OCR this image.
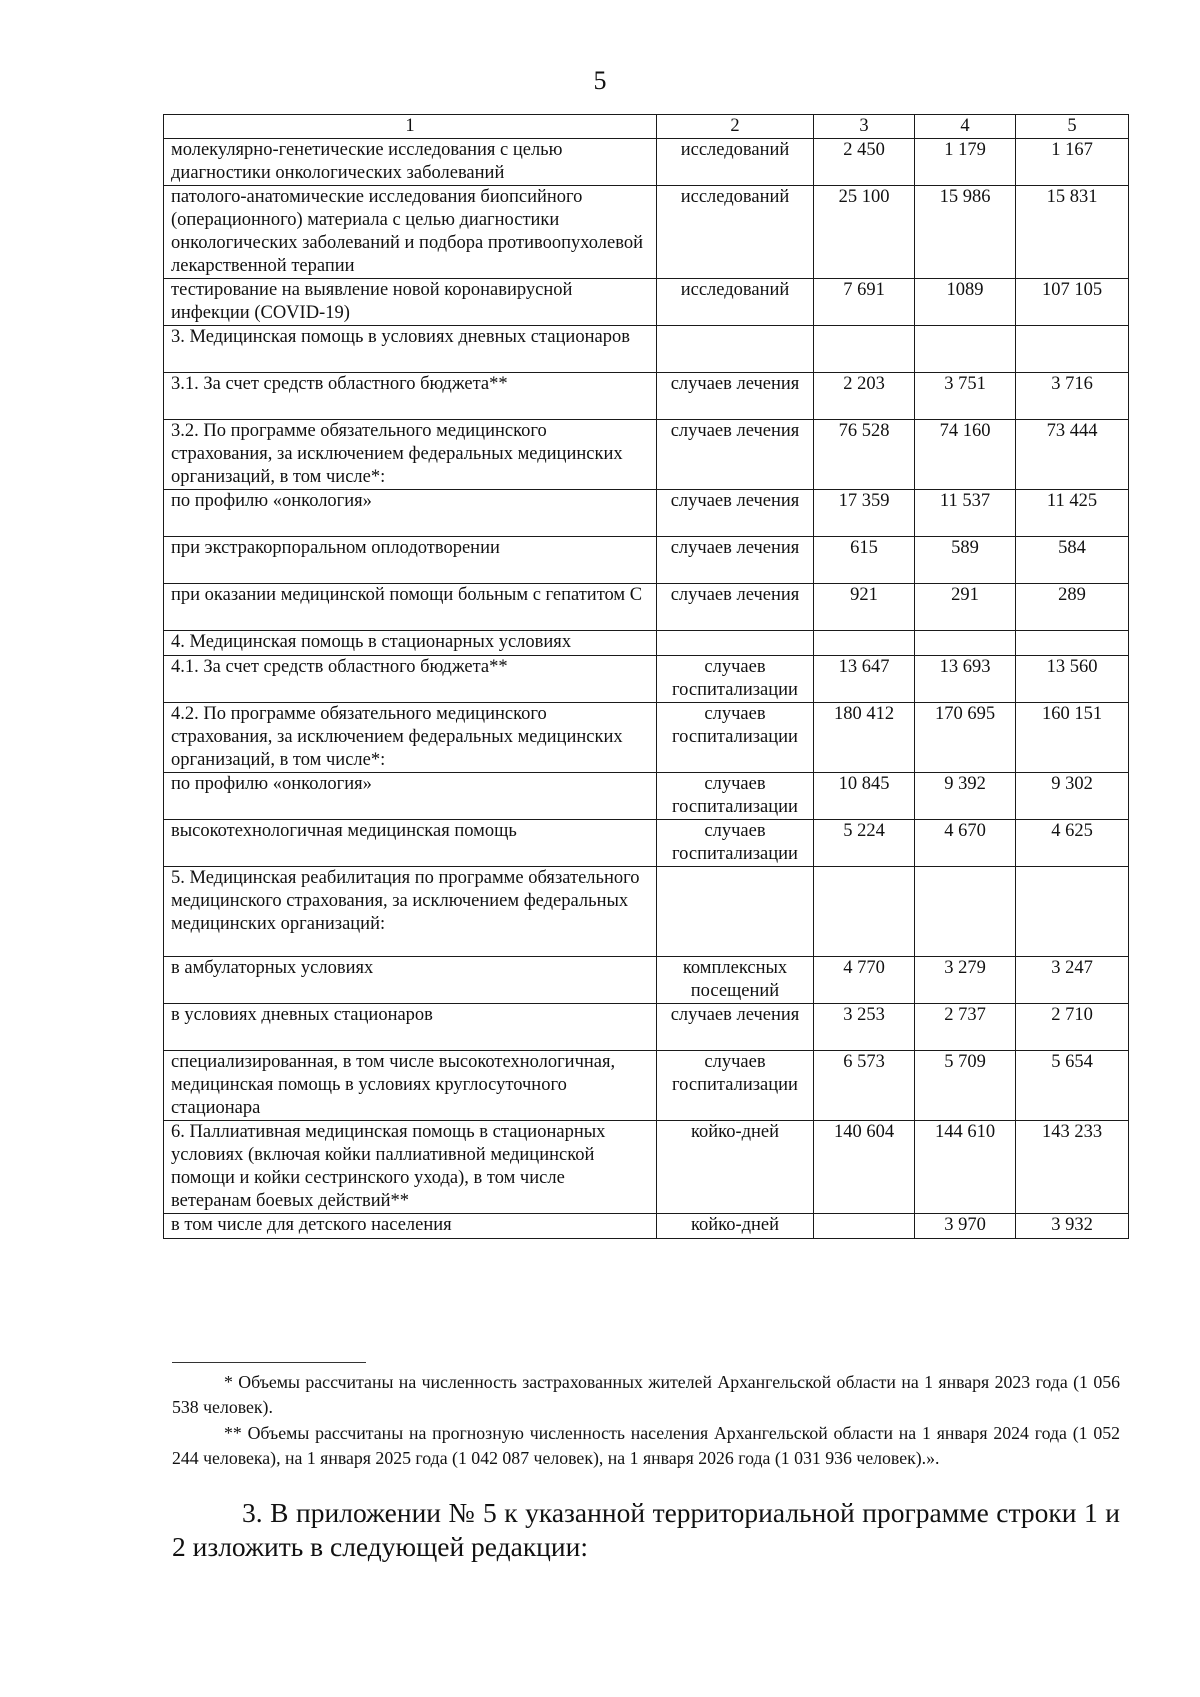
5
1	2	3	4	5
молекулярно-генетические исследования с целью диагностики онкологических заболеваний	исследований	2 450	1 179	1 167
патолого-анатомические исследования биопсийного (операционного) материала с целью диагностики онкологических заболеваний и подбора противоопухолевой лекарственной терапии	исследований	25 100	15 986	15 831
тестирование на выявление новой коронавирусной инфекции (COVID-19)	исследований	7 691	1089	107 105
3. Медицинская помощь в условиях дневных стационаров				
3.1. За счет средств областного бюджета**	случаев лечения	2 203	3 751	3 716
3.2. По программе обязательного медицинского страхования, за исключением федеральных медицинских организаций, в том числе*:	случаев лечения	76 528	74 160	73 444
по профилю «онкология»	случаев лечения	17 359	11 537	11 425
при экстракорпоральном оплодотворении	случаев лечения	615	589	584
при оказании медицинской помощи больным с гепатитом С	случаев лечения	921	291	289
4. Медицинская помощь в стационарных условиях				
4.1. За счет средств областного бюджета**	случаев госпитализации	13 647	13 693	13 560
4.2. По программе обязательного медицинского страхования, за исключением федеральных медицинских организаций, в том числе*:	случаев госпитализации	180 412	170 695	160 151
по профилю «онкология»	случаев госпитализации	10 845	9 392	9 302
высокотехнологичная медицинская помощь	случаев госпитализации	5 224	4 670	4 625
5. Медицинская реабилитация по программе обязательного медицинского страхования, за исключением федеральных медицинских организаций:				
в амбулаторных условиях	комплексных посещений	4 770	3 279	3 247
в условиях дневных стационаров	случаев лечения	3 253	2 737	2 710
специализированная, в том числе высокотехнологичная, медицинская помощь в условиях круглосуточного стационара	случаев госпитализации	6 573	5 709	5 654
6. Паллиативная медицинская помощь в стационарных условиях (включая койки паллиативной медицинской помощи и койки сестринского ухода), в том числе ветеранам боевых действий**	койко-дней	140 604	144 610	143 233
в том числе для детского населения	койко-дней		3 970	3 932

* Объемы рассчитаны на численность застрахованных жителей Архангельской области на 1 января 2023 года (1 056 538 человек).

** Объемы рассчитаны на прогнозную численность населения Архангельской области на 1 января 2024 года (1 052 244 человека), на 1 января 2025 года (1 042 087 человек), на 1 января 2026 года (1 031 936 человек).».

3. В приложении № 5 к указанной территориальной программе строки 1 и 2 изложить в следующей редакции:
